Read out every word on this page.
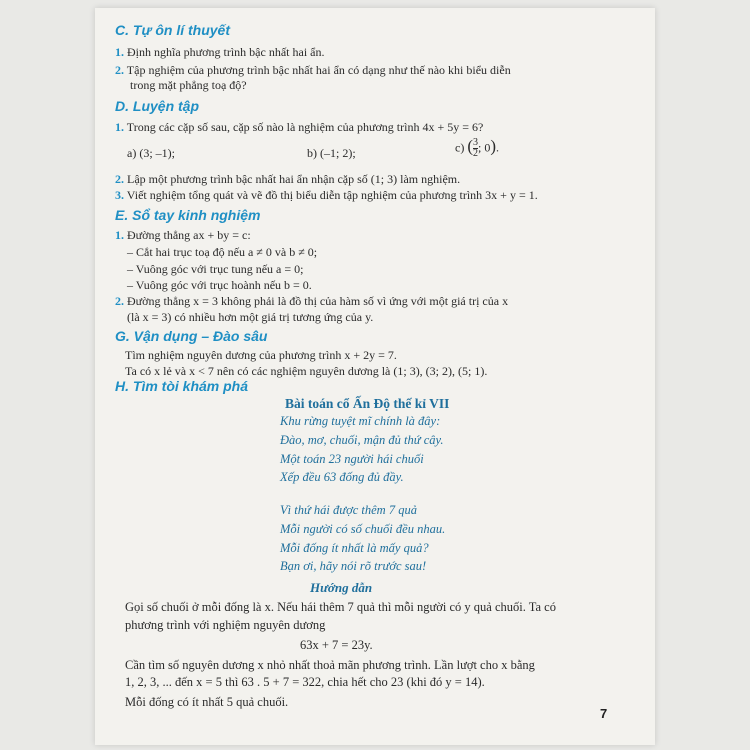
C. Tự ôn lí thuyết
1. Định nghĩa phương trình bậc nhất hai ẩn.
2. Tập nghiệm của phương trình bậc nhất hai ẩn có dạng như thế nào khi biểu diễn
trong mặt phẳng toạ độ?
D. Luyện tập
1. Trong các cặp số sau, cặp số nào là nghiệm của phương trình 4x + 5y = 6?
a) (3; –1);	b) (–1; 2);	c) ($\frac{3}{2}$ ; 0).
2. Lập một phương trình bậc nhất hai ẩn nhận cặp số (1; 3) làm nghiệm.
3. Viết nghiệm tổng quát và vẽ đồ thị biểu diễn tập nghiệm của phương trình 3x + y = 1.
E. Sổ tay kinh nghiệm
1. Đường thẳng ax + by = c:
– Cắt hai trục toạ độ nếu a ≠ 0 và b ≠ 0;
– Vuông góc với trục tung nếu a = 0;
– Vuông góc với trục hoành nếu b = 0.
2. Đường thẳng x = 3 không phải là đồ thị của hàm số vì ứng với một giá trị của x
(là x = 3) có nhiều hơn một giá trị tương ứng của y.
G. Vận dụng – Đào sâu
Tìm nghiệm nguyên dương của phương trình x + 2y = 7.
Ta có x lẻ và x < 7 nên có các nghiệm nguyên dương là (1; 3), (3; 2), (5; 1).
H. Tìm tòi khám phá
Bài toán cổ Ấn Độ thế kỉ VII
Khu rừng tuyệt mĩ chính là đây:
Đào, mơ, chuối, mận đủ thứ cây.
Một toán 23 người hái chuối
Xếp đều 63 đống đủ đầy.
Vì thứ hái được thêm 7 quả
Mỗi người có số chuối đều nhau.
Mỗi đống ít nhất là mấy quả?
Bạn ơi, hãy nói rõ trước sau!
Hướng dẫn
Gọi số chuối ở mỗi đống là x. Nếu hái thêm 7 quả thì mỗi người có y quả chuối. Ta có
phương trình với nghiệm nguyên dương
63x + 7 = 23y.
Cần tìm số nguyên dương x nhỏ nhất thoả mãn phương trình. Lần lượt cho x bằng
1, 2, 3, ... đến x = 5 thì 63 . 5 + 7 = 322, chia hết cho 23 (khi đó y = 14).
Mỗi đống có ít nhất 5 quả chuối.
7
